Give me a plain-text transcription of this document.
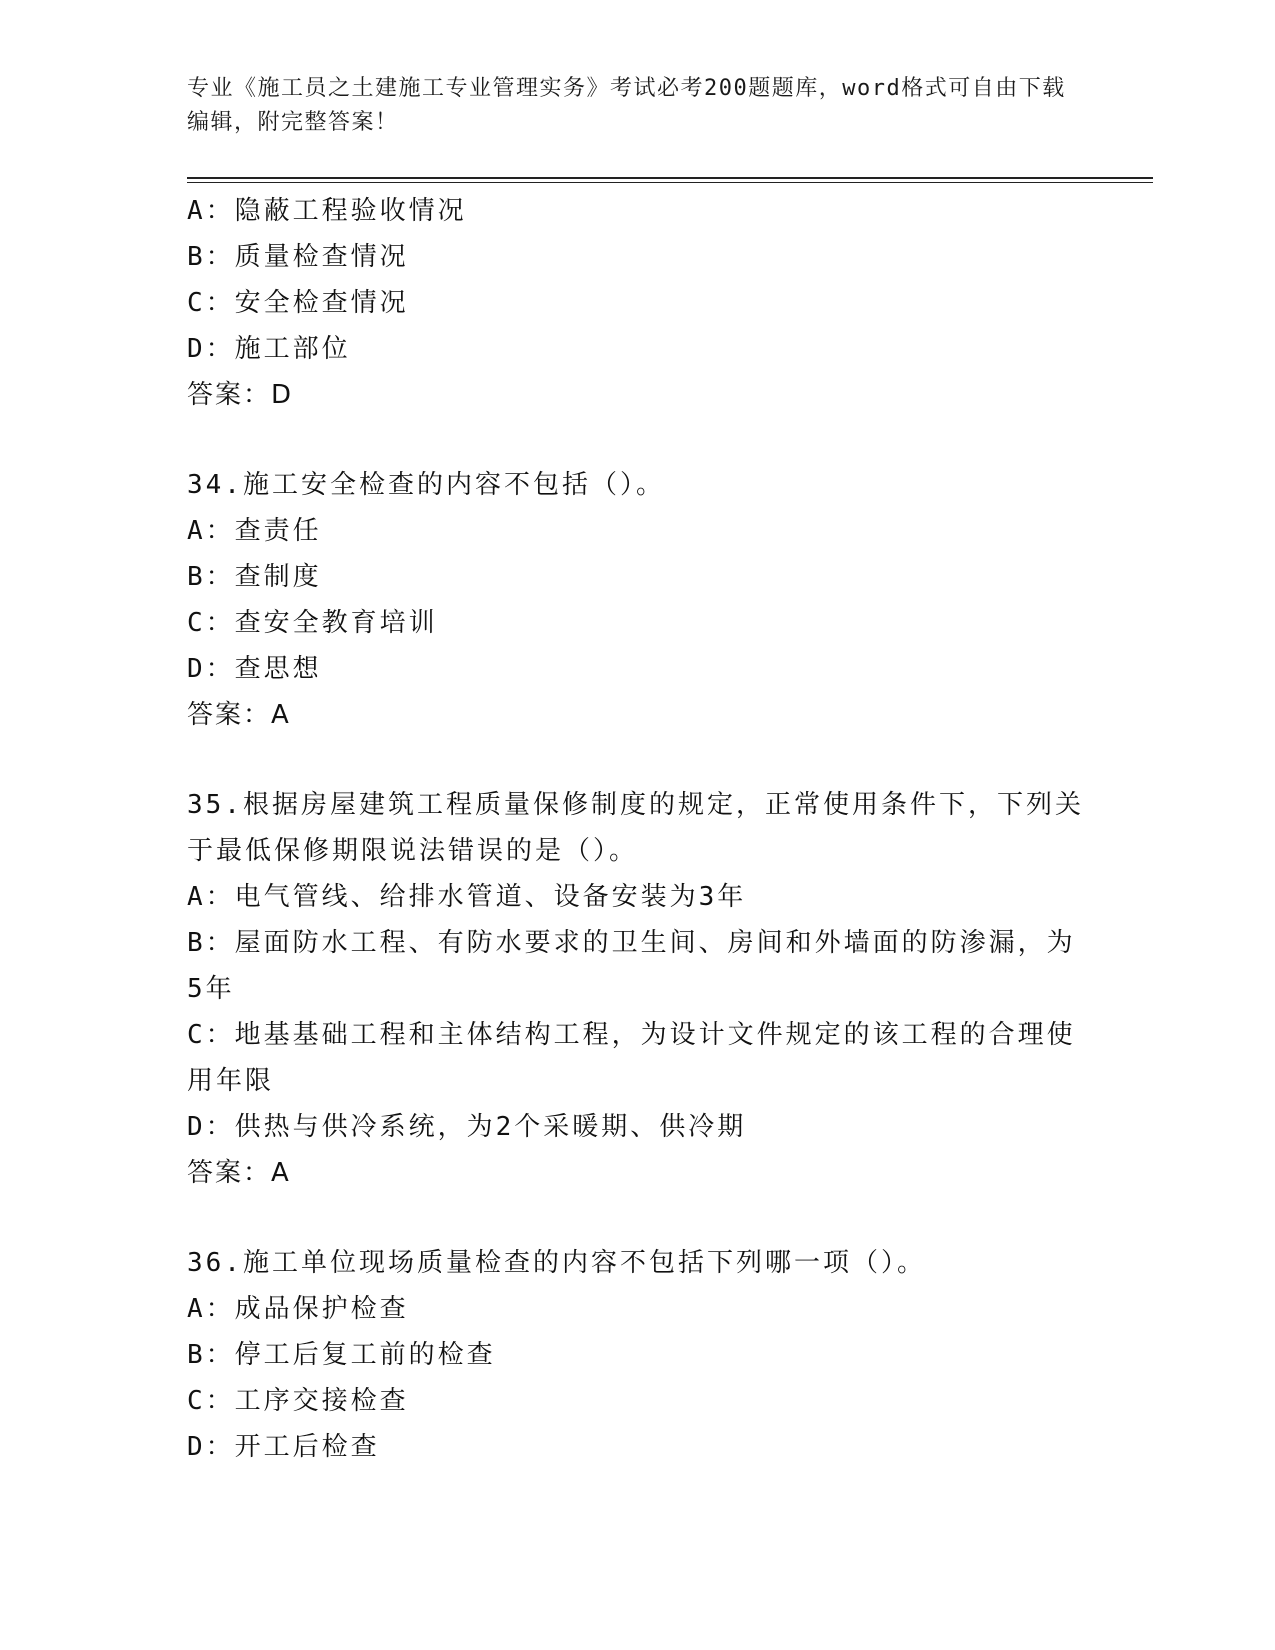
专业《施工员之土建施工专业管理实务》考试必考200题题库，word格式可自由下载编辑，附完整答案！
A：隐蔽工程验收情况
B：质量检查情况
C：安全检查情况
D：施工部位
答案：D
34.施工安全检查的内容不包括（）。
A：查责任
B：查制度
C：查安全教育培训
D：查思想
答案：A
35.根据房屋建筑工程质量保修制度的规定，正常使用条件下，下列关于最低保修期限说法错误的是（）。
A：电气管线、给排水管道、设备安装为3年
B：屋面防水工程、有防水要求的卫生间、房间和外墙面的防渗漏，为5年
C：地基基础工程和主体结构工程，为设计文件规定的该工程的合理使用年限
D：供热与供冷系统，为2个采暖期、供冷期
答案：A
36.施工单位现场质量检查的内容不包括下列哪一项（）。
A：成品保护检查
B：停工后复工前的检查
C：工序交接检查
D：开工后检查
